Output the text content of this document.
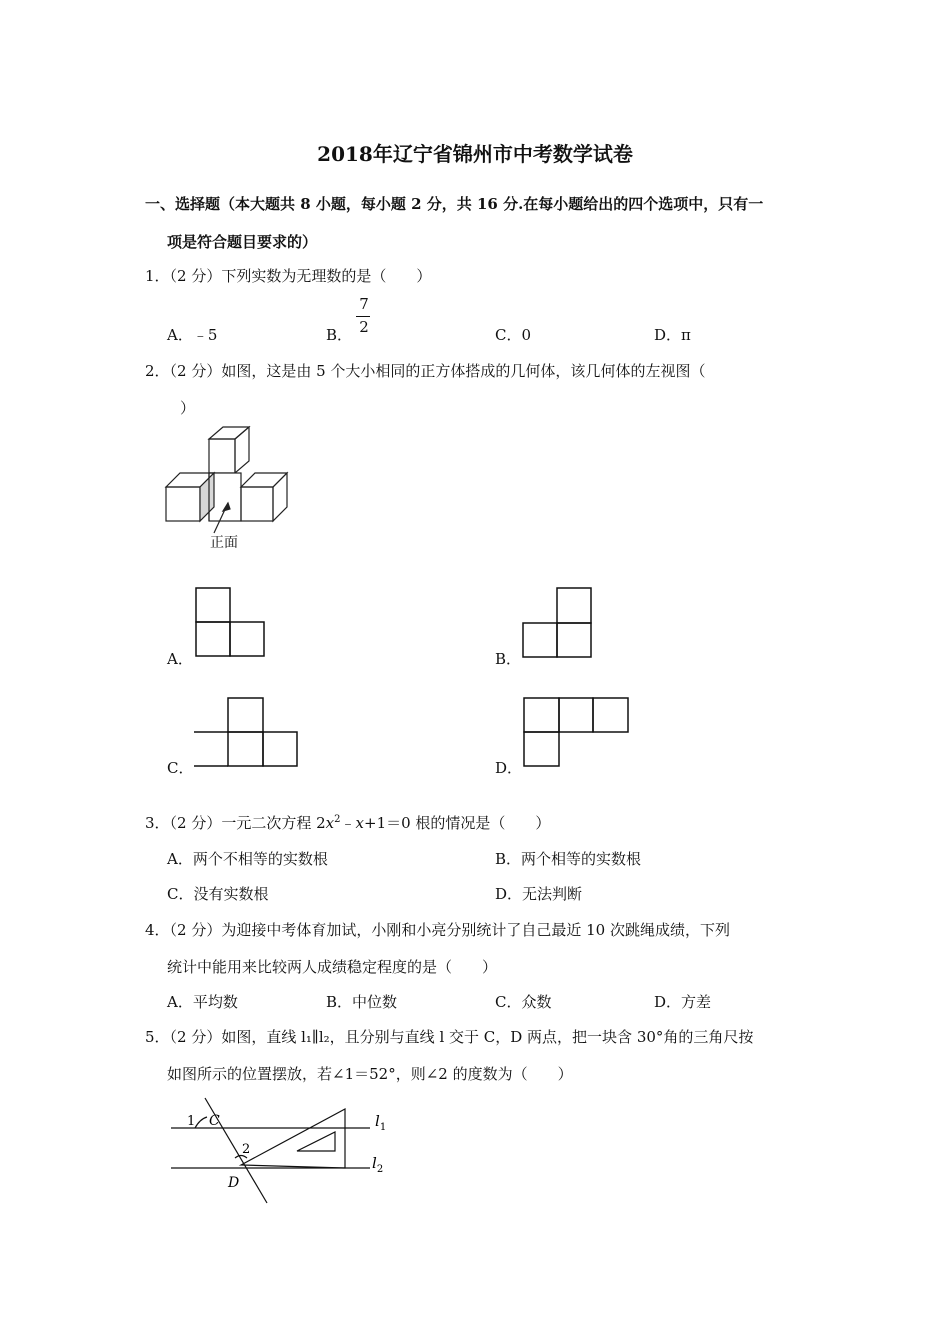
2018年辽宁省锦州市中考数学试卷
一、选择题（本大题共 8 小题，每小题 2 分，共 16 分.在每小题给出的四个选项中，只有一
项是符合题目要求的）
1．（2 分）下列实数为无理数的是（　　）
A．﹣5	B．
7
2	C．0	D．π
2．（2 分）如图，这是由 5 个大小相同的正方体搭成的几何体，该几何体的左视图（
）
正面
A．	B．
C．	D．
3．（2 分）一元二次方程 $2x^2﹣x+1=0$ 根的情况是（　　）
A．两个不相等的实数根	B．两个相等的实数根
C．没有实数根	D．无法判断
4．（2 分）为迎接中考体育加试，小刚和小亮分别统计了自己最近 10 次跳绳成绩，下列
统计中能用来比较两人成绩稳定程度的是（　　）
A．平均数	B．中位数	C．众数	D．方差
5．（2 分）如图，直线 l₁∥l₂，且分别与直线 l 交于 C，D 两点，把一块含 30°角的三角尺按
如图所示的位置摆放，若∠1＝52°，则∠2 的度数为（　　）
1 C
2
D
$l_1$
$l_2$
